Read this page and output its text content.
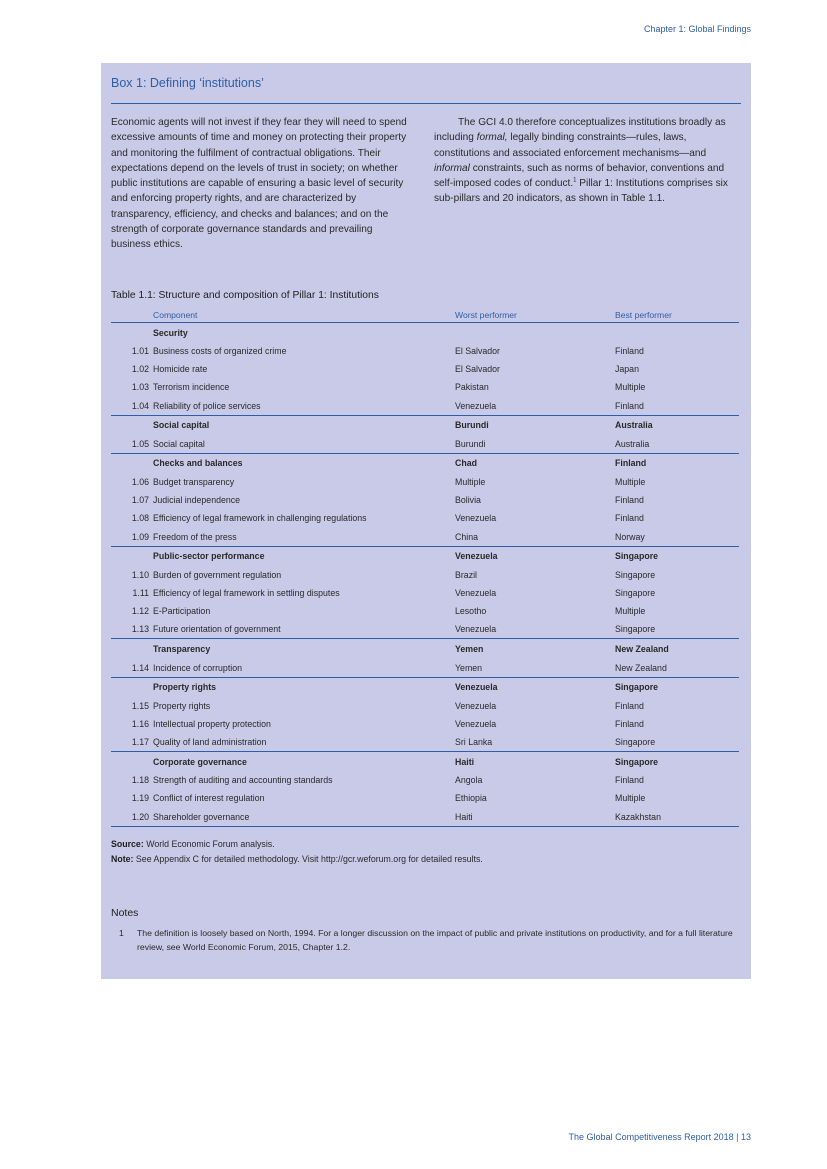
Chapter 1: Global Findings
Box 1: Defining ‘institutions’

Economic agents will not invest if they fear they will need to spend excessive amounts of time and money on protecting their property and monitoring the fulfilment of contractual obligations. Their expectations depend on the levels of trust in society; on whether public institutions are capable of ensuring a basic level of security and enforcing property rights, and are characterized by transparency, efficiency, and checks and balances; and on the strength of corporate governance standards and prevailing business ethics.

The GCI 4.0 therefore conceptualizes institutions broadly as including formal, legally binding constraints—rules, laws, constitutions and associated enforcement mechanisms—and informal constraints, such as norms of behavior, conventions and self-imposed codes of conduct.$^1$ Pillar 1: Institutions comprises six sub-pillars and 20 indicators, as shown in Table 1.1.

Table 1.1: Structure and composition of Pillar 1: Institutions
	Component	Worst performer	Best performer
	Security		
1.01	Business costs of organized crime	El Salvador	Finland
1.02	Homicide rate	El Salvador	Japan
1.03	Terrorism incidence	Pakistan	Multiple
1.04	Reliability of police services	Venezuela	Finland
	Social capital	Burundi	Australia
1.05	Social capital	Burundi	Australia
	Checks and balances	Chad	Finland
1.06	Budget transparency	Multiple	Multiple
1.07	Judicial independence	Bolivia	Finland
1.08	Efficiency of legal framework in challenging regulations	Venezuela	Finland
1.09	Freedom of the press	China	Norway
	Public-sector performance	Venezuela	Singapore
1.10	Burden of government regulation	Brazil	Singapore
1.11	Efficiency of legal framework in settling disputes	Venezuela	Singapore
1.12	E-Participation	Lesotho	Multiple
1.13	Future orientation of government	Venezuela	Singapore
	Transparency	Yemen	New Zealand
1.14	Incidence of corruption	Yemen	New Zealand
	Property rights	Venezuela	Singapore
1.15	Property rights	Venezuela	Finland
1.16	Intellectual property protection	Venezuela	Finland
1.17	Quality of land administration	Sri Lanka	Singapore
	Corporate governance	Haiti	Singapore
1.18	Strength of auditing and accounting standards	Angola	Finland
1.19	Conflict of interest regulation	Ethiopia	Multiple
1.20	Shareholder governance	Haiti	Kazakhstan
Source: World Economic Forum analysis.
Note: See Appendix C for detailed methodology. Visit http://gcr.weforum.org for detailed results.
Notes
1 The definition is loosely based on North, 1994. For a longer discussion on the impact of public and private institutions on productivity, and for a full literature review, see World Economic Forum, 2015, Chapter 1.2.
The Global Competitiveness Report 2018 | 13
